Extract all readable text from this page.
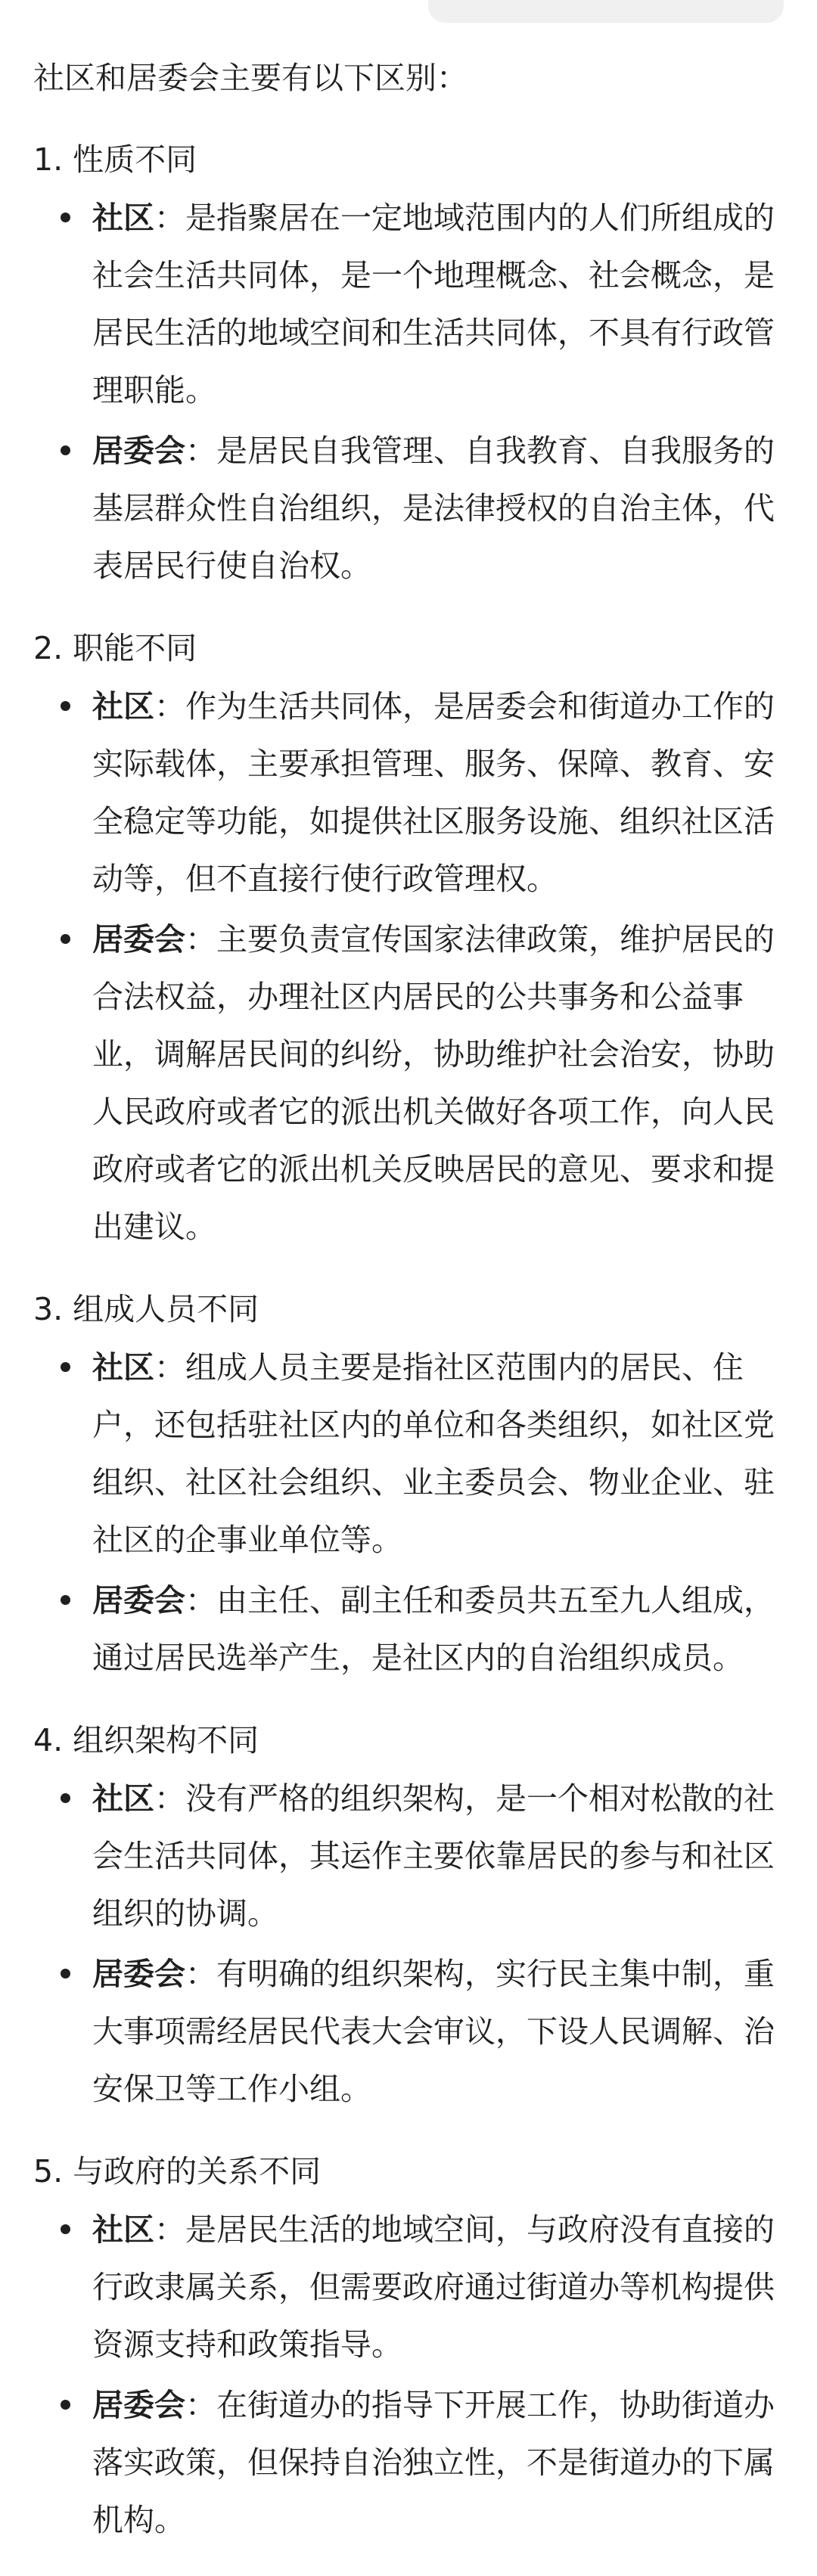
社区和居委会主要有以下区别：
1. 性质不同
社区：是指聚居在一定地域范围内的人们所组成的社会生活共同体，是一个地理概念、社会概念，是居民生活的地域空间和生活共同体，不具有行政管理职能。
居委会：是居民自我管理、自我教育、自我服务的基层群众性自治组织，是法律授权的自治主体，代表居民行使自治权。
2. 职能不同
社区：作为生活共同体，是居委会和街道办工作的实际载体，主要承担管理、服务、保障、教育、安全稳定等功能，如提供社区服务设施、组织社区活动等，但不直接行使行政管理权。
居委会：主要负责宣传国家法律政策，维护居民的合法权益，办理社区内居民的公共事务和公益事业，调解居民间的纠纷，协助维护社会治安，协助人民政府或者它的派出机关做好各项工作，向人民政府或者它的派出机关反映居民的意见、要求和提出建议。
3. 组成人员不同
社区：组成人员主要是指社区范围内的居民、住户，还包括驻社区内的单位和各类组织，如社区党组织、社区社会组织、业主委员会、物业企业、驻社区的企事业单位等。
居委会：由主任、副主任和委员共五至九人组成，通过居民选举产生，是社区内的自治组织成员。
4. 组织架构不同
社区：没有严格的组织架构，是一个相对松散的社会生活共同体，其运作主要依靠居民的参与和社区组织的协调。
居委会：有明确的组织架构，实行民主集中制，重大事项需经居民代表大会审议，下设人民调解、治安保卫等工作小组。
5. 与政府的关系不同
社区：是居民生活的地域空间，与政府没有直接的行政隶属关系，但需要政府通过街道办等机构提供资源支持和政策指导。
居委会：在街道办的指导下开展工作，协助街道办落实政策，但保持自治独立性，不是街道办的下属机构。
